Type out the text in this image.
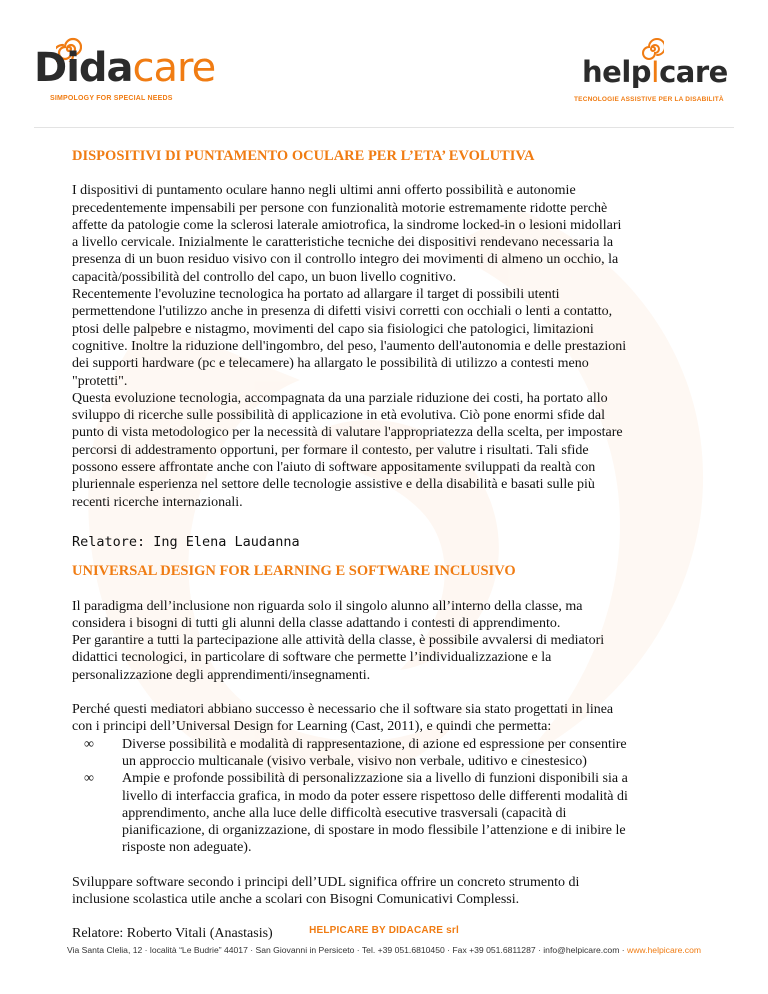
Didacare
SIMPOLOGY FOR SPECIAL NEEDS
helpIcare
TECNOLOGIE ASSISTIVE PER LA DISABILITÀ
DISPOSITIVI DI PUNTAMENTO OCULARE PER L’ETA’ EVOLUTIVA

I dispositivi di puntamento oculare hanno negli ultimi anni offerto possibilità e autonomie
precedentemente impensabili per persone con funzionalità motorie estremamente ridotte perchè
affette da patologie come la sclerosi laterale amiotrofica, la sindrome locked-in o lesioni midollari
a livello cervicale. Inizialmente le caratteristiche tecniche dei dispositivi rendevano necessaria la
presenza di un buon residuo visivo con il controllo integro dei movimenti di almeno un occhio, la
capacità/possibilità del controllo del capo, un buon livello cognitivo.
Recentemente l'evoluzine tecnologica ha portato ad allargare il target di possibili utenti
permettendone l'utilizzo anche in presenza di difetti visivi corretti con occhiali o lenti a contatto,
ptosi delle palpebre e nistagmo, movimenti del capo sia fisiologici che patologici, limitazioni
cognitive. Inoltre la riduzione dell'ingombro, del peso, l'aumento dell'autonomia e delle prestazioni
dei supporti hardware (pc e telecamere) ha allargato le possibilità di utilizzo a contesti meno
"protetti".
Questa evoluzione tecnologia, accompagnata da una parziale riduzione dei costi, ha portato allo
sviluppo di ricerche sulle possibilità di applicazione in età evolutiva. Ciò pone enormi sfide dal
punto di vista metodologico per la necessità di valutare l'appropriatezza della scelta, per impostare
percorsi di addestramento opportuni, per formare il contesto, per valutre i risultati. Tali sfide
possono essere affrontate anche con l'aiuto di software appositamente sviluppati da realtà con
pluriennale esperienza nel settore delle tecnologie assistive e della disabilità e basati sulle più
recenti ricerche internazionali.

Relatore: Ing Elena Laudanna

UNIVERSAL DESIGN FOR LEARNING E SOFTWARE INCLUSIVO

Il paradigma dell’inclusione non riguarda solo il singolo alunno all’interno della classe, ma
considera i bisogni di tutti gli alunni della classe adattando i contesti di apprendimento.
Per garantire a tutti la partecipazione alle attività della classe, è possibile avvalersi di mediatori
didattici tecnologici, in particolare di software che permette l’individualizzazione e la
personalizzazione degli apprendimenti/insegnamenti.

Perché questi mediatori abbiano successo è necessario che il software sia stato progettati in linea
con i principi dell’Universal Design for Learning (Cast, 2011), e quindi che permetta:

∞ Diverse possibilità e modalità di rappresentazione, di azione ed espressione per consentire
un approccio multicanale (visivo verbale, visivo non verbale, uditivo e cinestesico)
∞ Ampie e profonde possibilità di personalizzazione sia a livello di funzioni disponibili sia a
livello di interfaccia grafica, in modo da poter essere rispettoso delle differenti modalità di
apprendimento, anche alla luce delle difficoltà esecutive trasversali (capacità di
pianificazione, di organizzazione, di spostare in modo flessibile l’attenzione e di inibire le
risposte non adeguate).

Sviluppare software secondo i principi dell’UDL significa offrire un concreto strumento di
inclusione scolastica utile anche a scolari con Bisogni Comunicativi Complessi.

Relatore: Roberto Vitali (Anastasis)	HELPICARE BY DIDACARE srl
Via Santa Clelia, 12 · località “Le Budrie” 44017 · San Giovanni in Persiceto · Tel. +39 051.6810450 · Fax +39 051.6811287 · info@helpicare.com · www.helpicare.com
